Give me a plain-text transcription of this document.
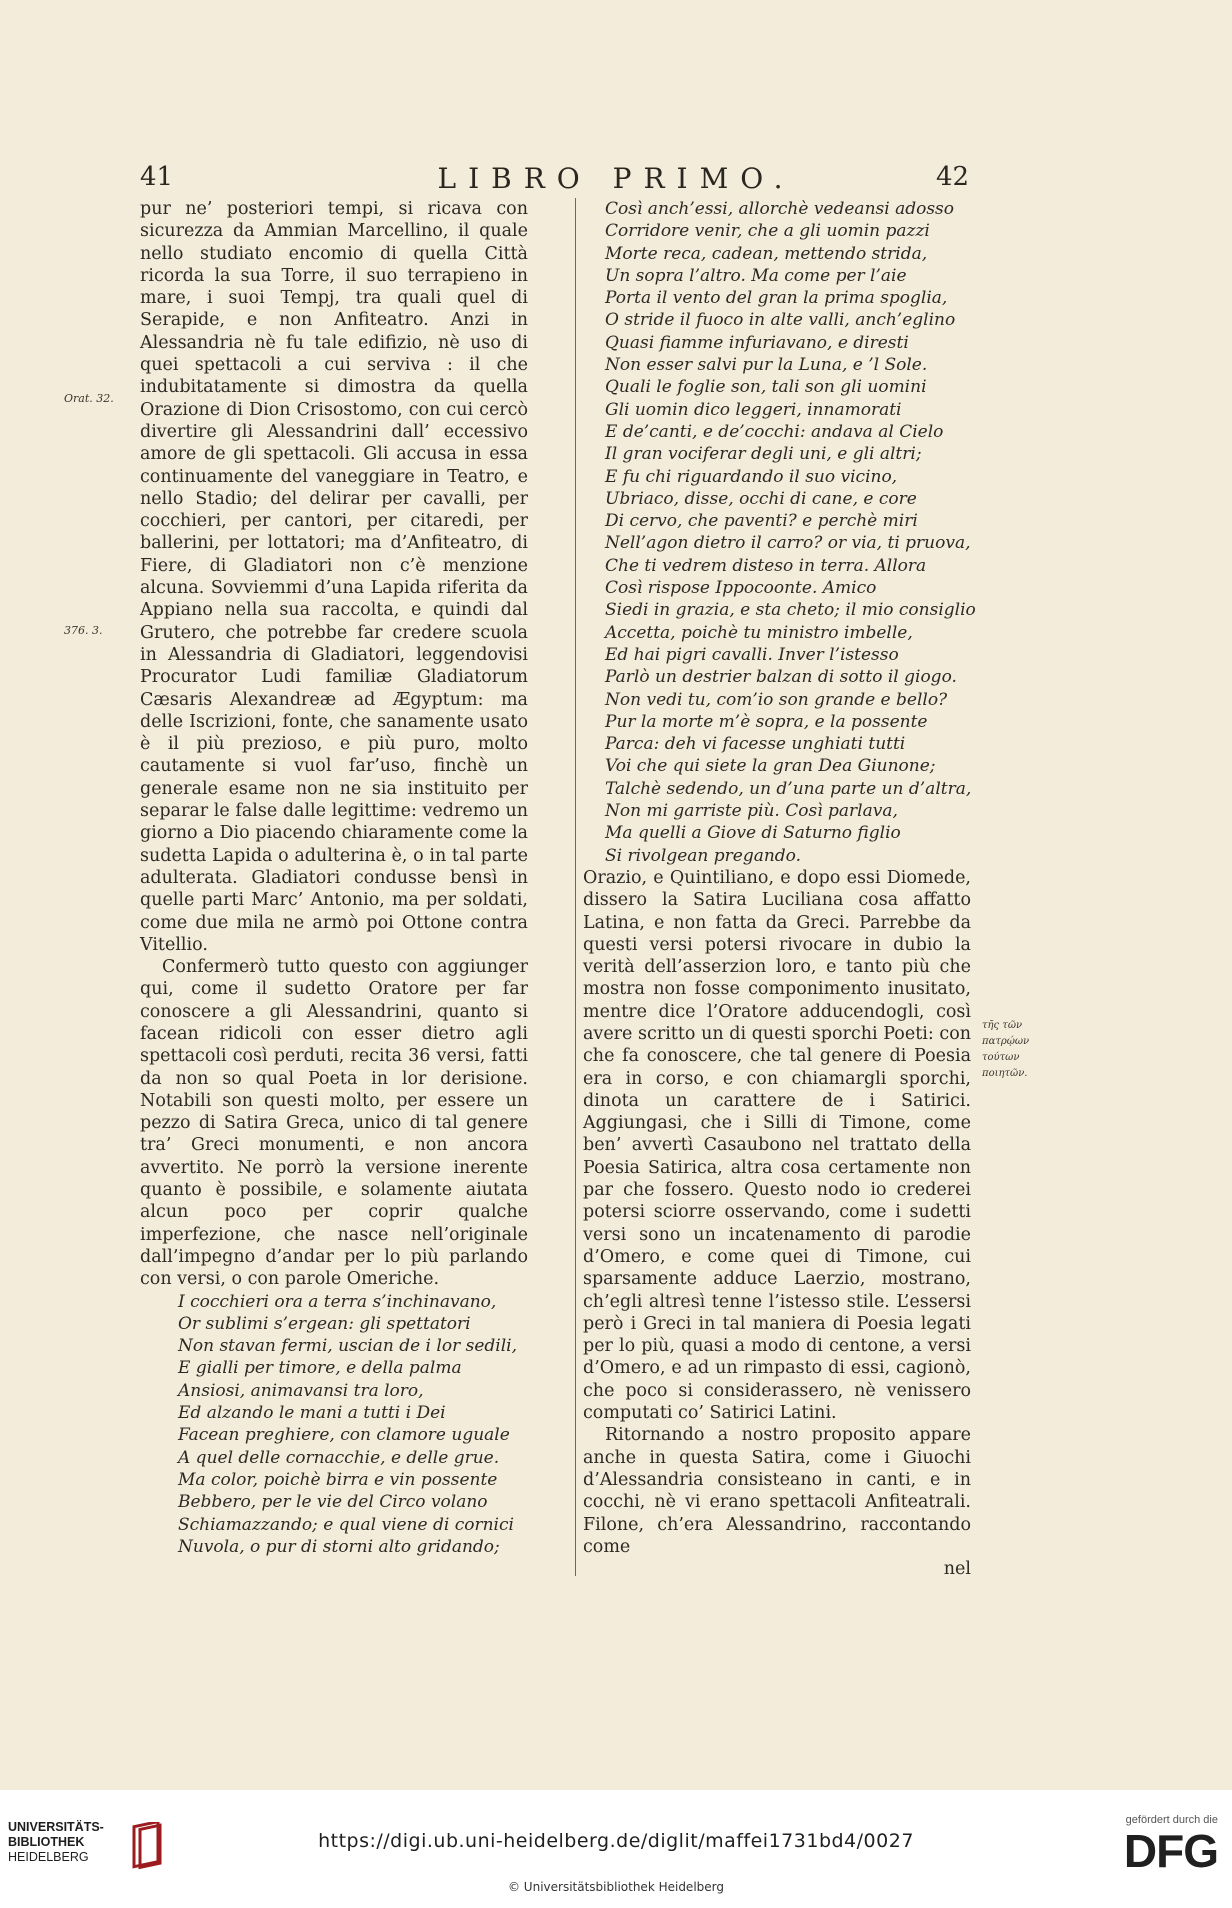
41	LIBRO PRIMO.	42
Orat. 32.
376. 3.
τῆς τῶν πατρῴων τούτων ποιητῶν.

pur ne’ posteriori tempi, si ricava con sicurezza da Ammian Marcellino, il quale nello studiato encomio di quella Città ricorda la sua Torre, il suo terrapieno in mare, i suoi Tempj, tra quali quel di Serapide, e non Anfiteatro. Anzi in Alessandria nè fu tale edifizio, nè uso di quei spettacoli a cui serviva : il che indubitatamente si dimostra da quella Orazione di Dion Crisostomo, con cui cercò divertire gli Alessandrini dall’ eccessivo amore de gli spettacoli. Gli accusa in essa continuamente del vaneggiare in Teatro, e nello Stadio; del delirar per cavalli, per cocchieri, per cantori, per citaredi, per ballerini, per lottatori; ma d’Anfiteatro, di Fiere, di Gladiatori non c’è menzione alcuna. Sovviemmi d’una Lapida riferita da Appiano nella sua raccolta, e quindi dal Grutero, che potrebbe far credere scuola in Alessandria di Gladiatori, leggendovisi Procurator Ludi familiæ Gladiatorum Cæsaris Alexandreæ ad Ægyptum: ma delle Iscrizioni, fonte, che sanamente usato è il più prezioso, e più puro, molto cautamente si vuol far’uso, finchè un generale esame non ne sia instituito per separar le false dalle legittime: vedremo un giorno a Dio piacendo chiaramente come la sudetta Lapida o adulterina è, o in tal parte adulterata. Gladiatori condusse bensì in quelle parti Marc’ Antonio, ma per soldati, come due mila ne armò poi Ottone contra Vitellio.

Confermerò tutto questo con aggiunger qui, come il sudetto Oratore per far conoscere a gli Alessandrini, quanto si facean ridicoli con esser dietro agli spettacoli così perduti, recita 36 versi, fatti da non so qual Poeta in lor derisione. Notabili son questi molto, per essere un pezzo di Satira Greca, unico di tal genere tra’ Greci monumenti, e non ancora avvertito. Ne porrò la versione inerente quanto è possibile, e solamente aiutata alcun poco per coprir qualche imperfezione, che nasce nell’originale dall’impegno d’andar per lo più parlando con versi, o con parole Omeriche.

I cocchieri ora a terra s’inchinavano,
Or sublimi s’ergean: gli spettatori
Non stavan fermi, uscian de i lor sedili,
E gialli per timore, e della palma
Ansiosi, animavansi tra loro,
Ed alzando le mani a tutti i Dei
Facean preghiere, con clamore uguale
A quel delle cornacchie, e delle grue.
Ma color, poichè birra e vin possente
Bebbero, per le vie del Circo volano
Schiamazzando; e qual viene di cornici
Nuvola, o pur di storni alto gridando;
Così anch’essi, allorchè vedeansi adosso
Corridore venir, che a gli uomin pazzi
Morte reca, cadean, mettendo strida,
Un sopra l’altro. Ma come per l’aie
Porta il vento del gran la prima spoglia,
O stride il fuoco in alte valli, anch’eglino
Quasi fiamme infuriavano, e diresti
Non esser salvi pur la Luna, e ’l Sole.
Quali le foglie son, tali son gli uomini
Gli uomin dico leggeri, innamorati
E de’canti, e de’cocchi: andava al Cielo
Il gran vociferar degli uni, e gli altri;
E fu chi riguardando il suo vicino,
Ubriaco, disse, occhi di cane, e core
Di cervo, che paventi? e perchè miri
Nell’agon dietro il carro? or via, ti pruova,
Che ti vedrem disteso in terra. Allora
Così rispose Ippocoonte. Amico
Siedi in grazia, e sta cheto; il mio consiglio
Accetta, poichè tu ministro imbelle,
Ed hai pigri cavalli. Inver l’istesso
Parlò un destrier balzan di sotto il giogo.
Non vedi tu, com’io son grande e bello?
Pur la morte m’è sopra, e la possente
Parca: deh vi facesse unghiati tutti
Voi che qui siete la gran Dea Giunone;
Talchè sedendo, un d’una parte un d’altra,
Non mi garriste più. Così parlava,
Ma quelli a Giove di Saturno figlio
Si rivolgean pregando.

Orazio, e Quintiliano, e dopo essi Diomede, dissero la Satira Luciliana cosa affatto Latina, e non fatta da Greci. Parrebbe da questi versi potersi rivocare in dubio la verità dell’asserzion loro, e tanto più che mostra non fosse componimento inusitato, mentre dice l’Oratore adducendogli, così avere scritto un di questi sporchi Poeti: con che fa conoscere, che tal genere di Poesia era in corso, e con chiamargli sporchi, dinota un carattere de i Satirici. Aggiungasi, che i Silli di Timone, come ben’ avvertì Casaubono nel trattato della Poesia Satirica, altra cosa certamente non par che fossero. Questo nodo io crederei potersi sciorre osservando, come i sudetti versi sono un incatenamento di parodie d’Omero, e come quei di Timone, cui sparsamente adduce Laerzio, mostrano, ch’egli altresì tenne l’istesso stile. L’essersi però i Greci in tal maniera di Poesia legati per lo più, quasi a modo di centone, a versi d’Omero, e ad un rimpasto di essi, cagionò, che poco si considerassero, nè venissero computati co’ Satirici Latini.

Ritornando a nostro proposito appare anche in questa Satira, come i Giuochi d’Alessandria consisteano in canti, e in cocchi, nè vi erano spettacoli Anfiteatrali. Filone, ch’era Alessandrino, raccontando come

nel

UNIVERSITÄTS-
BIBLIOTHEK
HEIDELBERG
https://digi.ub.uni-heidelberg.de/diglit/maffei1731bd4/0027
© Universitätsbibliothek Heidelberg
gefördert durch die
DFG
